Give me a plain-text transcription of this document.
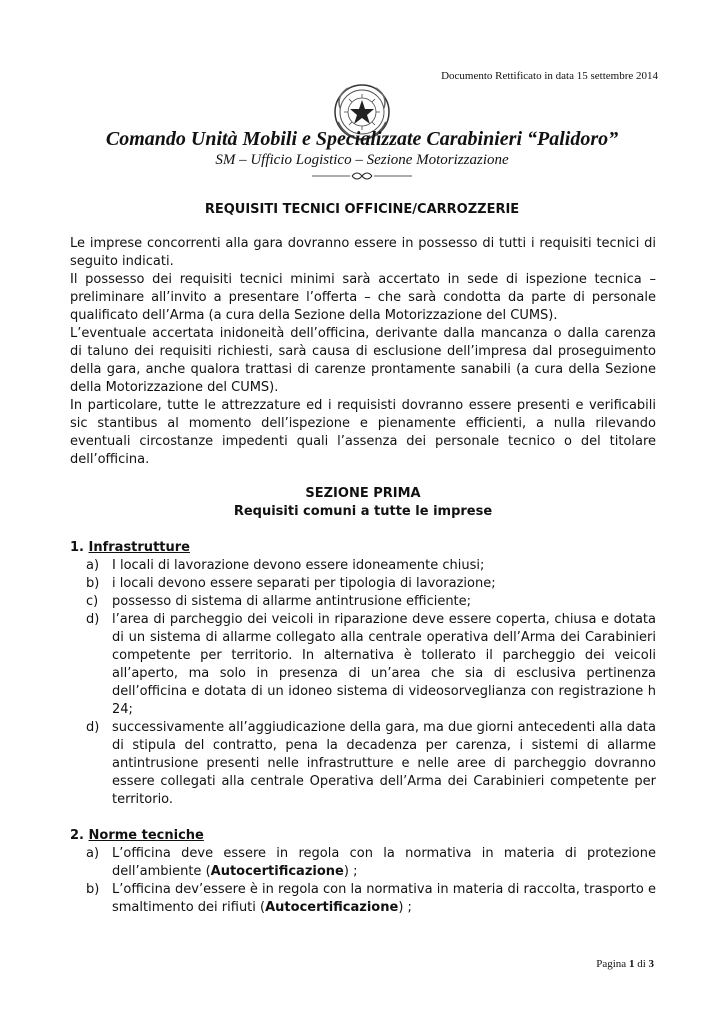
Documento Rettificato in data 15 settembre 2014
Comando Unità Mobili e Specializzate Carabinieri “Palidoro”
SM – Ufficio Logistico – Sezione Motorizzazione
REQUISITI TECNICI OFFICINE/CARROZZERIE

Le imprese concorrenti alla gara dovranno essere in possesso di tutti i requisiti tecnici di seguito indicati.

Il possesso dei requisiti tecnici minimi sarà accertato in sede di ispezione tecnica – preliminare all’invito a presentare l’offerta – che sarà condotta da parte di personale qualificato dell’Arma (a cura della Sezione della Motorizzazione del CUMS).

L’eventuale accertata inidoneità dell’officina, derivante dalla mancanza o dalla carenza di taluno dei requisiti richiesti, sarà causa di esclusione dell’impresa dal proseguimento della gara, anche qualora trattasi di carenze prontamente sanabili (a cura della Sezione della Motorizzazione del CUMS).

In particolare, tutte le attrezzature ed i requisisti dovranno essere presenti e verificabili sic stantibus al momento dell’ispezione e pienamente efficienti, a nulla rilevando eventuali circostanze impedenti quali l’assenza dei personale tecnico o del titolare dell’officina.

SEZIONE PRIMA
Requisiti comuni a tutte le imprese
1. Infrastrutture
a) I locali di lavorazione devono essere idoneamente chiusi;
b) i locali devono essere separati per tipologia di lavorazione;
c) possesso di sistema di allarme antintrusione efficiente;
d) l’area di parcheggio dei veicoli in riparazione deve essere coperta, chiusa e dotata di un sistema di allarme collegato alla centrale operativa dell’Arma dei Carabinieri competente per territorio. In alternativa è tollerato il parcheggio dei veicoli all’aperto, ma solo in presenza di un’area che sia di esclusiva pertinenza dell’officina e dotata di un idoneo sistema di videosorveglianza con registrazione h 24;
d) successivamente all’aggiudicazione della gara, ma due giorni antecedenti alla data di stipula del contratto, pena la decadenza per carenza, i sistemi di allarme antintrusione presenti nelle infrastrutture e nelle aree di parcheggio dovranno essere collegati alla centrale Operativa dell’Arma dei Carabinieri competente per territorio.
2. Norme tecniche
a) L’officina deve essere in regola con la normativa in materia di protezione dell’ambiente (Autocertificazione) ;
b) L’officina dev’essere è in regola con la normativa in materia di raccolta, trasporto e smaltimento dei rifiuti (Autocertificazione) ;
Pagina 1 di 3
